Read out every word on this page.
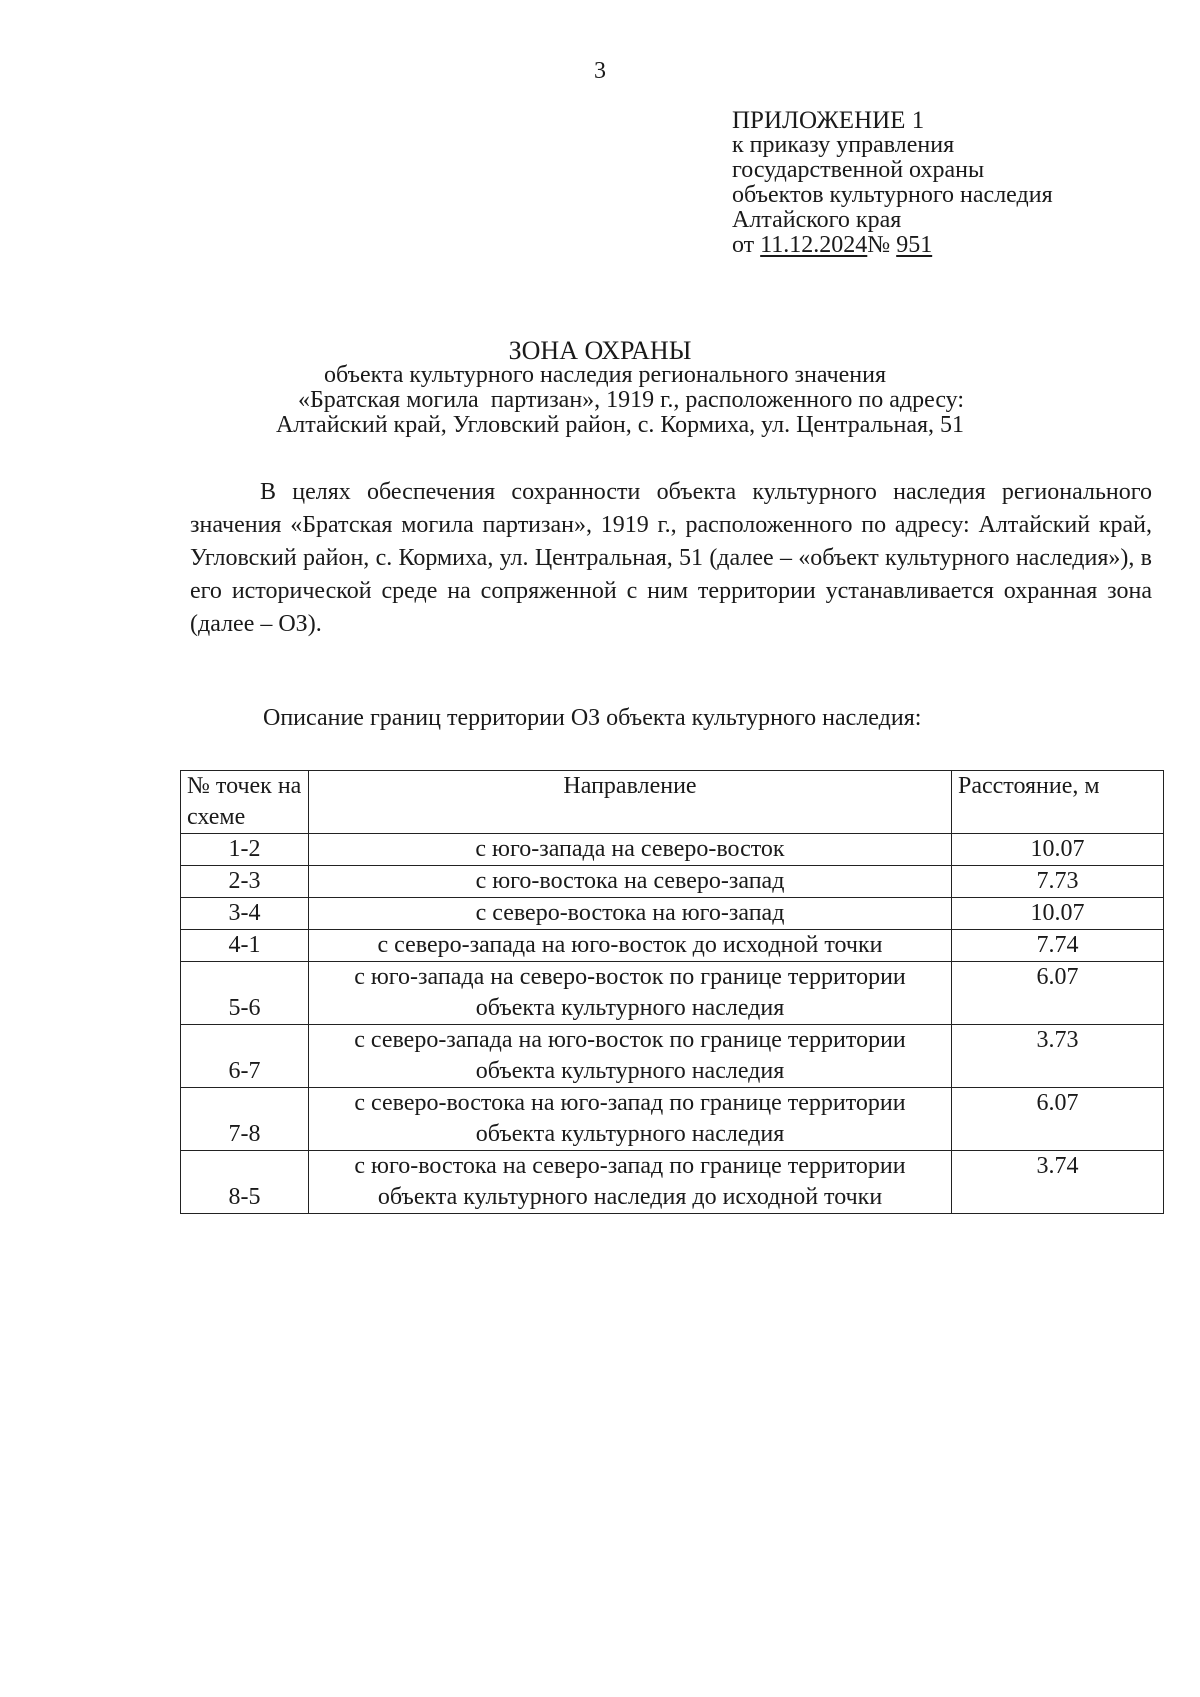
3
ПРИЛОЖЕНИЕ 1
к приказу управления
государственной охраны
объектов культурного наследия
Алтайского края
от 11.12.2024№ 951
ЗОНА ОХРАНЫ
объекта культурного наследия регионального значения
«Братская могила  партизан», 1919 г., расположенного по адресу:
Алтайский край, Угловский район, с. Кормиха, ул. Центральная, 51

В целях обеспечения сохранности объекта культурного наследия регионального значения «Братская могила партизан», 1919 г., расположенного по адресу: Алтайский край, Угловский район, с. Кормиха, ул. Центральная, 51 (далее – «объект культурного наследия»), в его исторической среде на сопряженной с ним территории устанавливается охранная зона (далее – ОЗ).

Описание границ территории ОЗ объекта культурного наследия:
№ точек на схеме	Направление	Расстояние, м
1-2	с юго-запада на северо-восток	10.07
2-3	с юго-востока на северо-запад	7.73
3-4	с северо-востока на юго-запад	10.07
4-1	с северо-запада на юго-восток до исходной точки	7.74
5-6	с юго-запада на северо-восток по границе территории объекта культурного наследия	6.07
6-7	с северо-запада на юго-восток по границе территории объекта культурного наследия	3.73
7-8	с северо-востока на юго-запад по границе территории объекта культурного наследия	6.07
8-5	с юго-востока на северо-запад по границе территории объекта культурного наследия до исходной точки	3.74
